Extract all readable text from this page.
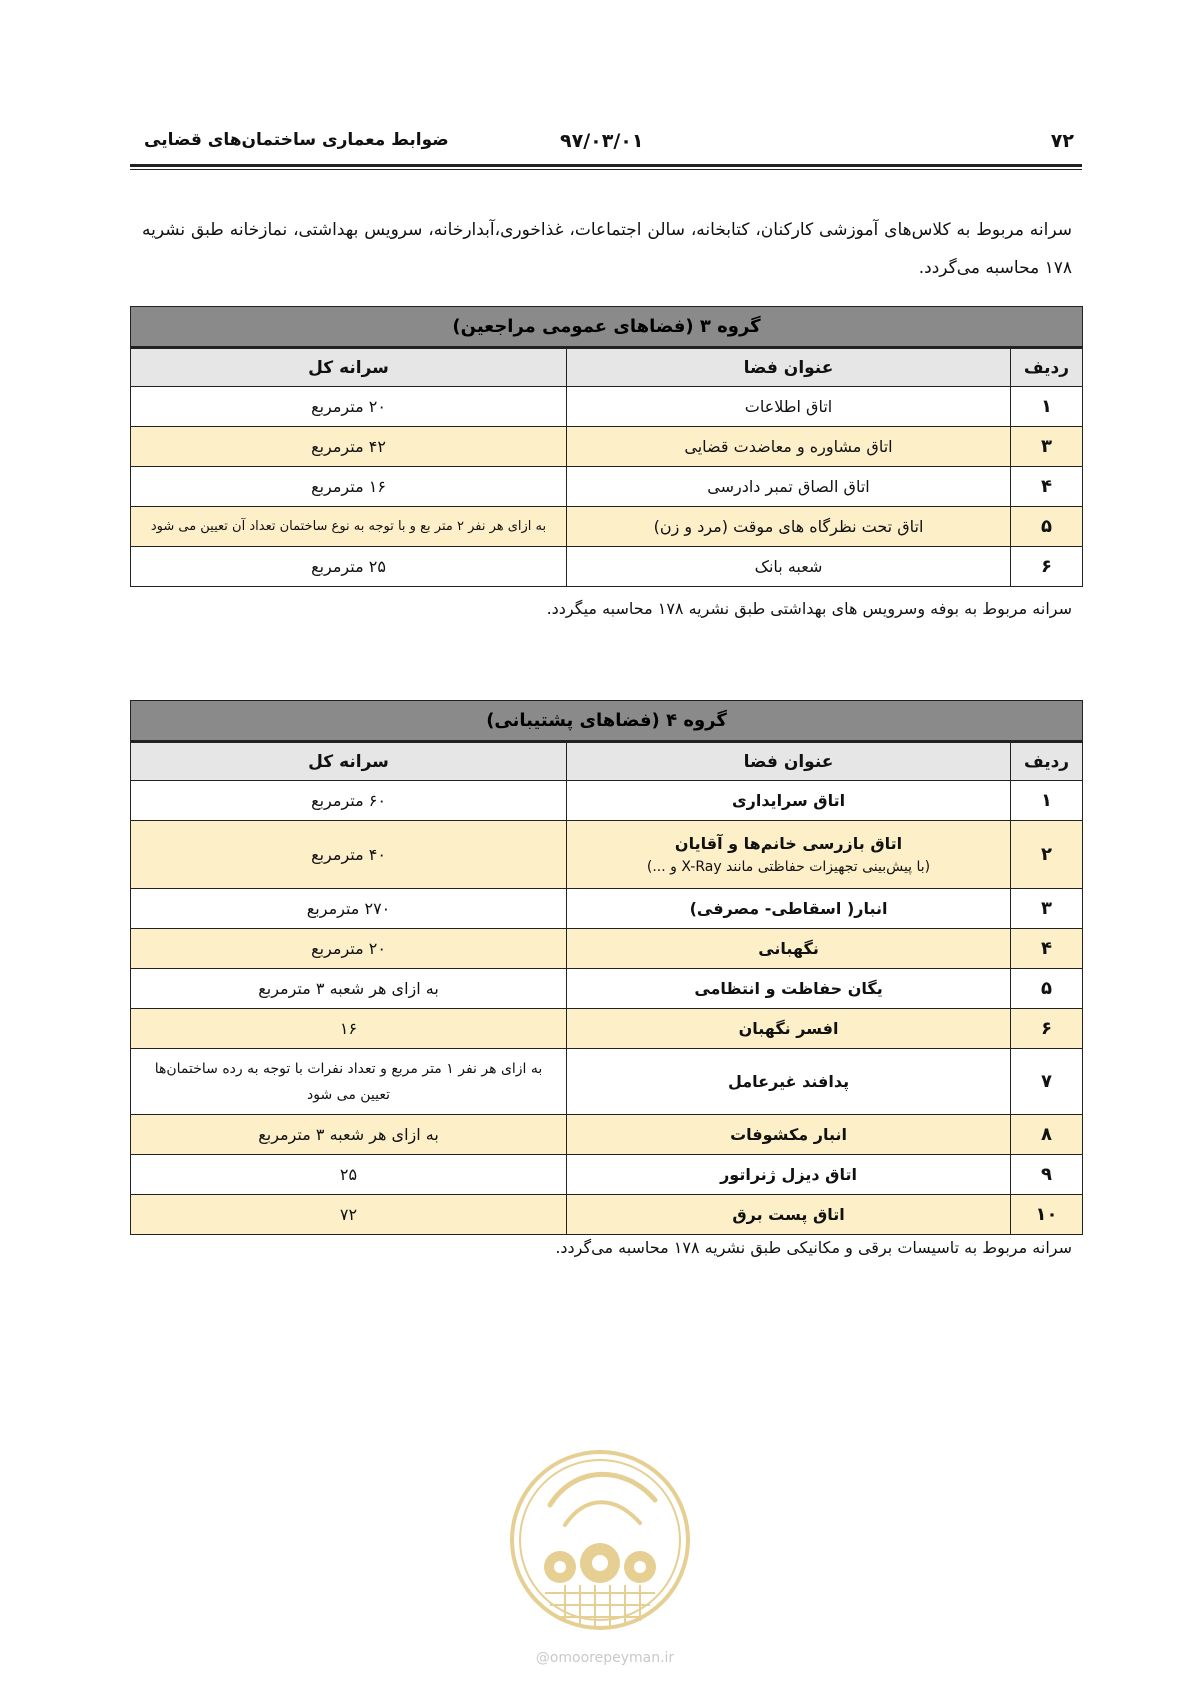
۷۲
۹۷/۰۳/۰۱
ضوابط معماری ساختمان‌های قضایی
سرانه مربوط به کلاس‌های آموزشی کارکنان، کتابخانه، سالن اجتماعات، غذاخوری،آبدارخانه، سرویس بهداشتی، نمازخانه طبق نشریه ۱۷۸ محاسبه می‌گردد.
گروه ۳ (فضاهای عمومی مراجعین)		
ردیف	عنوان فضا	سرانه کل
۱	اتاق اطلاعات	۲۰ مترمربع
۳	اتاق مشاوره و معاضدت قضایی	۴۲ مترمربع
۴	اتاق الصاق تمبر دادرسی	۱۶ مترمربع
۵	اتاق تحت نظرگاه های موقت (مرد و زن)	به ازای هر نفر ۲ متر بع و با توجه به نوع ساختمان تعداد آن تعیین می شود
۶	شعبه بانک	۲۵ مترمربع
سرانه مربوط به بوفه وسرویس های بهداشتی طبق نشریه ۱۷۸ محاسبه میگردد.
گروه ۴ (فضاهای پشتیبانی)		
ردیف	عنوان فضا	سرانه کل
۱	اتاق سرایداری	۶۰ مترمربع
۲	اتاق بازرسی خانم‌ها و آقایان
(با پیش‌بینی تجهیزات حفاظتی مانند X-Ray و ...)	۴۰ مترمربع
۳	انبار( اسقاطی- مصرفی)	۲۷۰ مترمربع
۴	نگهبانی	۲۰ مترمربع
۵	یگان حفاظت و انتظامی	به ازای هر شعبه ۳ مترمربع
۶	افسر نگهبان	۱۶
۷	پدافند غیرعامل	به ازای هر نفر ۱ متر مربع و تعداد نفرات با توجه به رده ساختمان‌ها تعیین می شود
۸	انبار مکشوفات	به ازای هر شعبه ۳ مترمربع
۹	اتاق دیزل ژنراتور	۲۵
۱۰	اتاق پست برق	۷۲
سرانه مربوط به تاسیسات برقی و مکانیکی طبق نشریه ۱۷۸ محاسبه می‌گردد.
@omoorepeyman.ir
